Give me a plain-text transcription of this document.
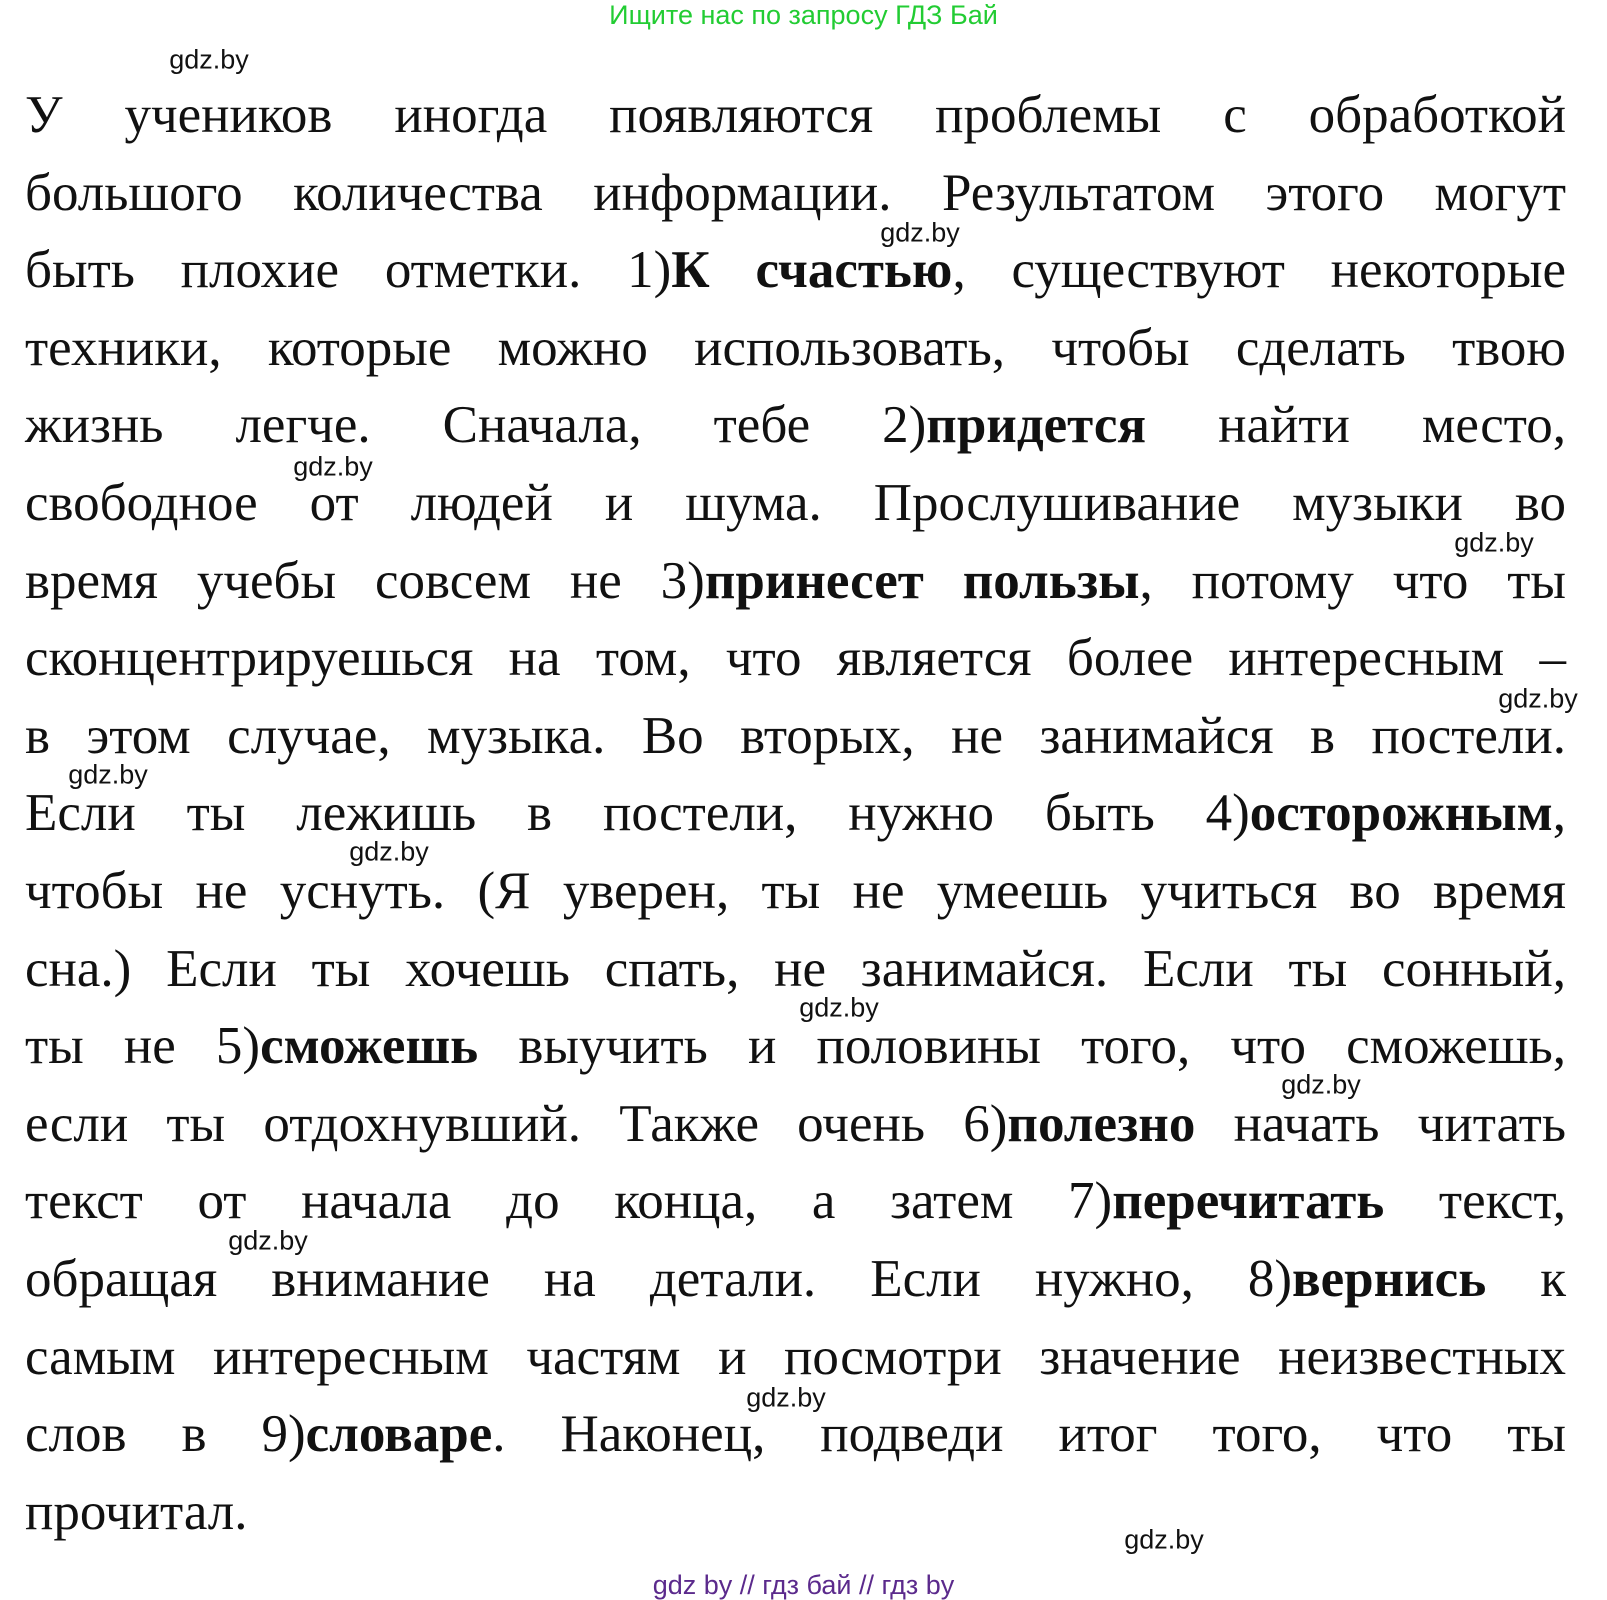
Ищите нас по запросу ГДЗ Бай
У учеников иногда появляются проблемы с обработкой
большого количества информации. Результатом этого могут
быть плохие отметки. 1)К счастью, существуют некоторые
техники, которые можно использовать, чтобы сделать твою
жизнь легче. Сначала, тебе 2)придется найти место,
свободное от людей и шума. Прослушивание музыки во
время учебы совсем не 3)принесет пользы, потому что ты
сконцентрируешься на том, что является более интересным –
в этом случае, музыка. Во вторых, не занимайся в постели.
Если ты лежишь в постели, нужно быть 4)осторожным,
чтобы не уснуть. (Я уверен, ты не умеешь учиться во время
сна.) Если ты хочешь спать, не занимайся. Если ты сонный,
ты не 5)сможешь выучить и половины того, что сможешь,
если ты отдохнувший. Также очень 6)полезно начать читать
текст от начала до конца, а затем 7)перечитать текст,
обращая внимание на детали. Если нужно, 8)вернись к
самым интересным частям и посмотри значение неизвестных
слов в 9)словаре. Наконец, подведи итог того, что ты
прочитал.
gdz.by
gdz.by
gdz.by
gdz.by
gdz.by
gdz.by
gdz.by
gdz.by
gdz.by
gdz.by
gdz.by
gdz.by
gdz by // гдз бай // гдз by
